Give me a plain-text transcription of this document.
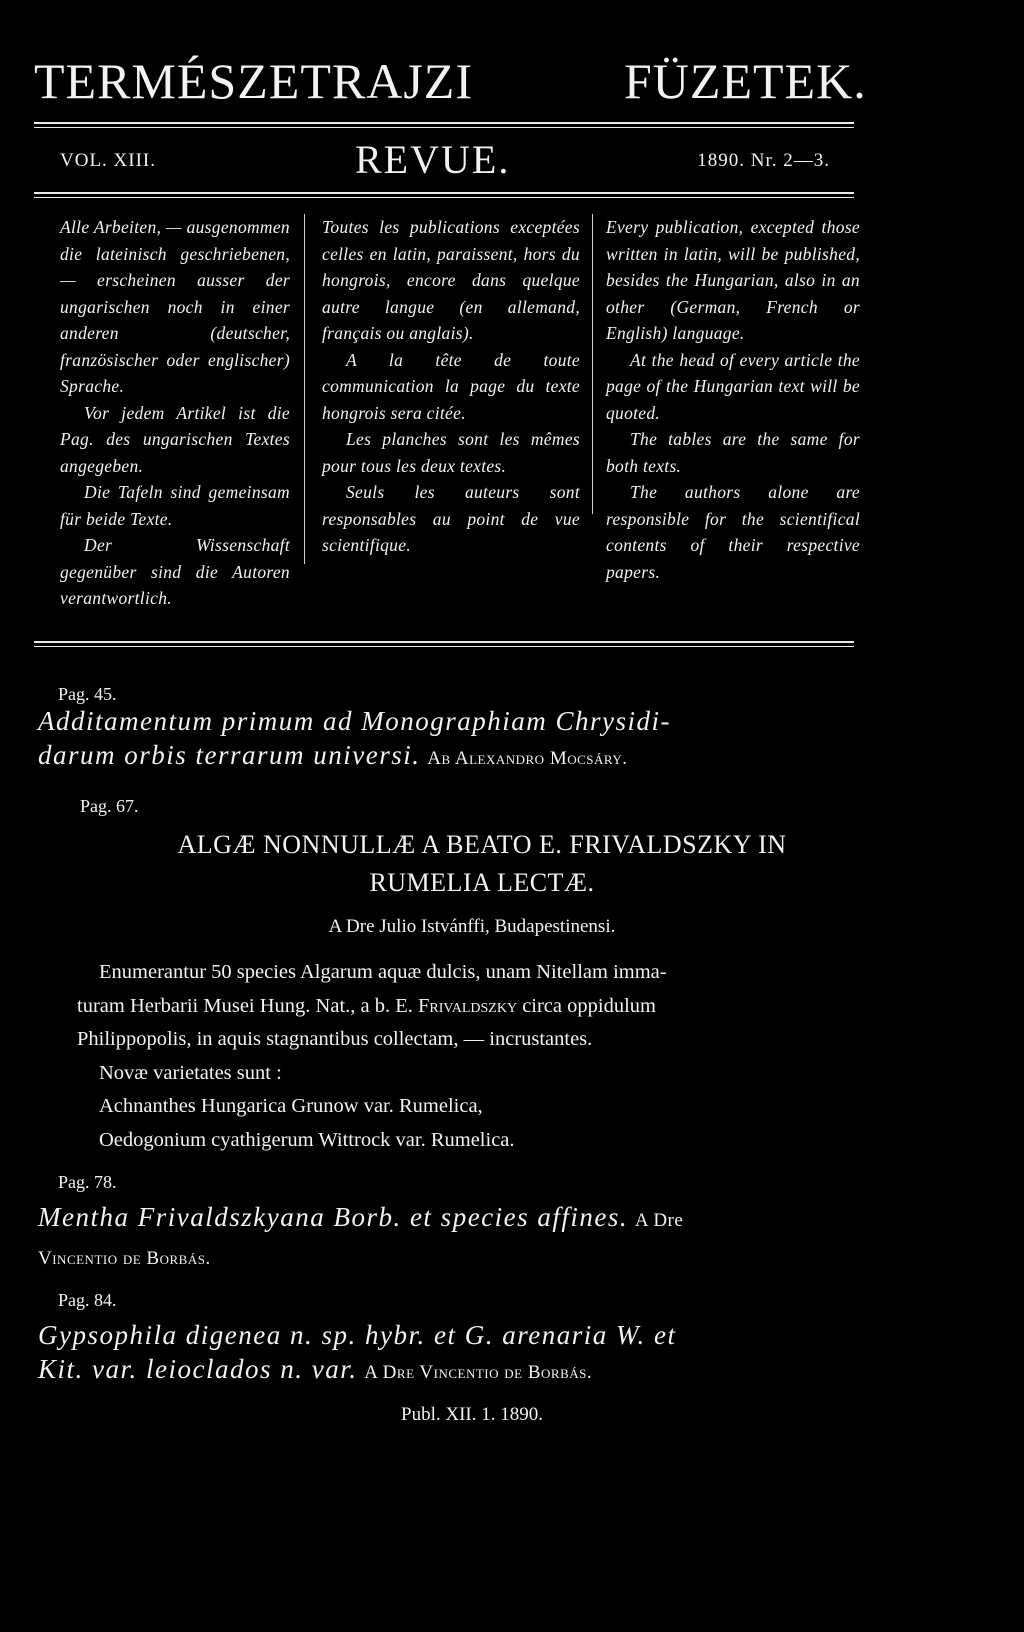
TERMÉSZETRAJZI	FÜZETEK.
VOL. XIII.	REVUE.	1890. Nr. 2—3.

Alle Arbeiten, — ausgenommen die lateinisch geschriebenen, — erscheinen ausser der ungarischen noch in einer anderen (deutscher, französischer oder englischer) Sprache.

Vor jedem Artikel ist die Pag. des ungarischen Textes angegeben.

Die Tafeln sind gemeinsam für beide Texte.

Der Wissenschaft gegenüber sind die Autoren verantwortlich.

Toutes les publications exceptées celles en latin, paraissent, hors du hongrois, encore dans quelque autre langue (en allemand, français ou anglais).

A la tête de toute communication la page du texte hongrois sera citée.

Les planches sont les mêmes pour tous les deux textes.

Seuls les auteurs sont responsables au point de vue scientifique.

Every publication, excepted those written in latin, will be published, besides the Hungarian, also in an other (German, French or English) language.

At the head of every article the page of the Hungarian text will be quoted.

The tables are the same for both texts.

The authors alone are responsible for the scientifical contents of their respective papers.

Pag. 45.
Additamentum primum ad Monographiam Chrysidi-
darum orbis terrarum universi. Ab Alexandro Mocsáry.
Pag. 67.
ALGÆ NONNULLÆ A BEATO E. FRIVALDSZKY IN
RUMELIA LECTÆ.
A Dre Julio Istvánffi, Budapestinensi.

Enumerantur 50 species Algarum aquæ dulcis, unam Nitellam imma-

turam Herbarii Musei Hung. Nat., a b. E. Frivaldszky circa oppidulum

Philippopolis, in aquis stagnantibus collectam, — incrustantes.

Novæ varietates sunt :

Achnanthes Hungarica Grunow var. Rumelica,

Oedogonium cyathigerum Wittrock var. Rumelica.

Pag. 78.
Mentha Frivaldszkyana Borb. et species affines. A Dre
Vincentio de Borbás.
Pag. 84.
Gypsophila digenea n. sp. hybr. et G. arenaria W. et
Kit. var. leioclados n. var. A Dre Vincentio de Borbás.
Publ. XII. 1. 1890.
